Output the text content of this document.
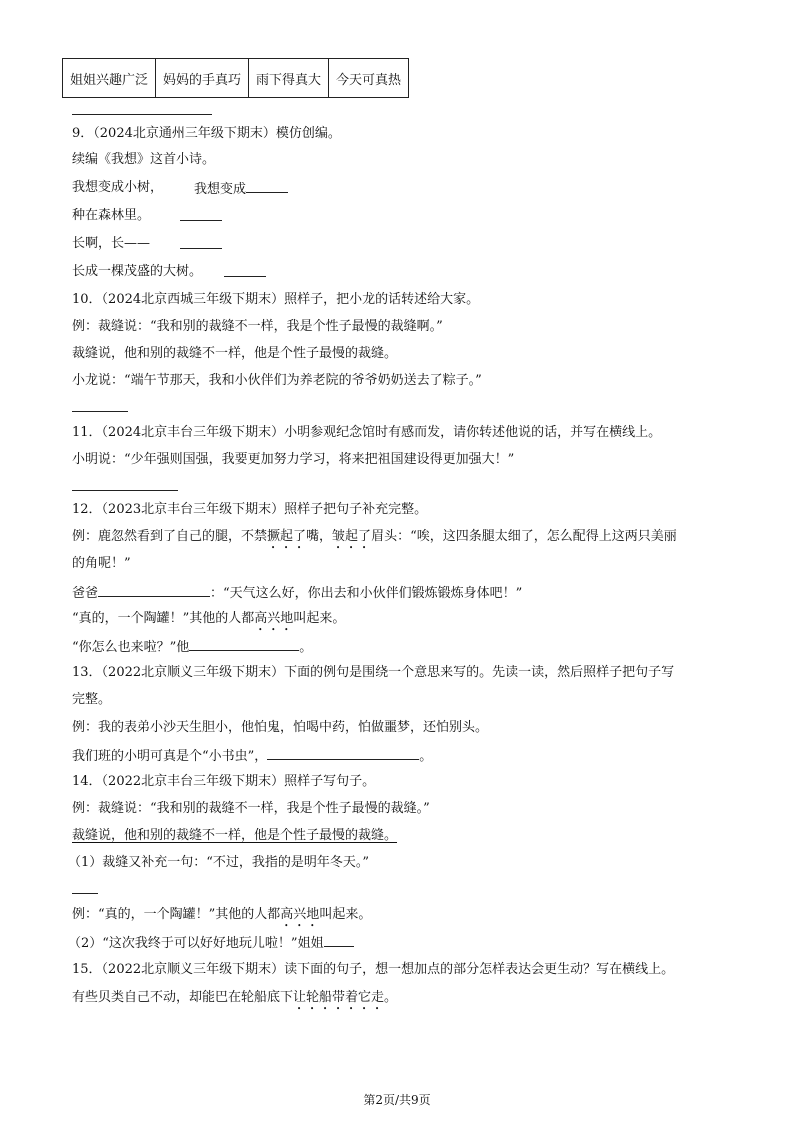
姐姐兴趣广泛	妈妈的手真巧	雨下得真大	今天可真热
9．（2024北京通州三年级下期末）模仿创编。
续编《我想》这首小诗。
我想变成小树， 我想变成
种在森林里。
长啊，长——
长成一棵茂盛的大树。
10．（2024北京西城三年级下期末）照样子，把小龙的话转述给大家。
例：裁缝说：“我和别的裁缝不一样，我是个性子最慢的裁缝啊。”
裁缝说，他和别的裁缝不一样，他是个性子最慢的裁缝。
小龙说：“端午节那天，我和小伙伴们为养老院的爷爷奶奶送去了粽子。”
11．（2024北京丰台三年级下期末）小明参观纪念馆时有感而发，请你转述他说的话，并写在横线上。
小明说：“少年强则国强，我要更加努力学习，将来把祖国建设得更加强大！”
12．（2023北京丰台三年级下期末）照样子把句子补充完整。
例：鹿忽然看到了自己的腿，不禁撅起了嘴，皱起了眉头：“唉，这四条腿太细了，怎么配得上这两只美丽
的角呢！”
爸爸	：“天气这么好，你出去和小伙伴们锻炼锻炼身体吧！”
“真的，一个陶罐！”其他的人都高兴地叫起来。
“你怎么也来啦？”他	。
13．（2022北京顺义三年级下期末）下面的例句是围绕一个意思来写的。先读一读，然后照样子把句子写
完整。
例：我的表弟小沙天生胆小，他怕鬼，怕喝中药，怕做噩梦，还怕别头。
我们班的小明可真是个“小书虫”，	。
14．（2022北京丰台三年级下期末）照样子写句子。
例：裁缝说：“我和别的裁缝不一样，我是个性子最慢的裁缝。”
裁缝说，他和别的裁缝不一样，他是个性子最慢的裁缝。
（1）裁缝又补充一句：“不过，我指的是明年冬天。”
例：“真的，一个陶罐！”其他的人都高兴地叫起来。
（2）“这次我终于可以好好地玩儿啦！”姐姐
15．（2022北京顺义三年级下期末）读下面的句子，想一想加点的部分怎样表达会更生动？写在横线上。
有些贝类自己不动，却能巴在轮船底下让轮船带着它走。
第2页/共9页
